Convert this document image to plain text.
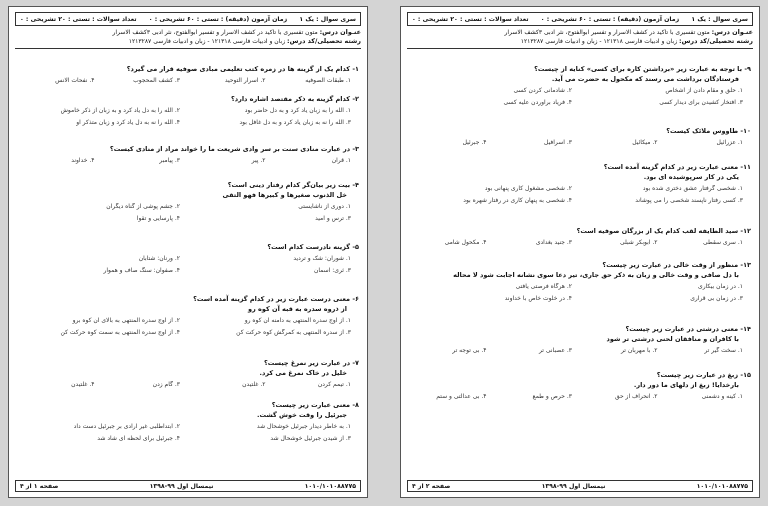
سری سوال : یک ۱
زمان آزمون (دقیقه) : تستی : ۶۰ تشریحی : ۰
تعداد سوالات : تستی : ۲۰ تشریحی : ۰
عنـوان درس: متون تفسیری با تاکید در کشف الاسرار و تفسیر ابوالفتوح، نثر ادبی ۳کشف الاسرار
رشته تحصیلی/کد درس: زبان و ادبیات فارسی ۱۲۱۳۱۸ - زبان و ادبیات فارسی ۱۲۱۳۲۸۷
۱- کدام یک از گزینه ها در زمره کتب تعلیمی مبادی صوفیه قرار می گیرد؟
۱. طبقات الصوفیه
۲. اسرار التوحید
۳. کشف المحجوب
۴. نفحات الانس
۲- کدام گزینه به ذکر مقتصد اشاره دارد؟
۱. الله را به زبان یاد کرد و به دل حاضر بود
۲. الله را به دل یاد کرد و به زبان از ذکر خاموش
۳. الله را نه به زبان یاد کرد و به دل غافل بود
۴. الله را نه به دل یاد کرد و زبان متذکر او
۳- در عبارت منادی سنت بر سر وادی شریعت ما را خواند مراد از منادی کیست؟
۱. قرآن
۲. پیر
۳. پیامبر
۴. خداوند
۴- بیت زیر بیان‌گر کدام رفتار دینی است؟
خل الذنوب صغیرها و کبیرها فهو التقی
۱. دوری از ناشایستی
۲. جشم پوشی از گناه دیگران
۳. ترس و امید
۴. پارسایی و تقوا
۵- گزینه نادرست کدام است؟
۱. شوران: شک و تردید
۲. ورنان: شتابان
۳. ثری: آسمان
۴. صفوان: سنگ صاف و هموار
۶- معنی درست عبارت زیر در کدام گزینه آمده است؟
از ذروه سدره به قبه آن کوه رو
۱. از اوج سدره المنتهی به دامنه آن کوه رو
۲. از اوج سدره المنتهی به بالای آن کوه برو
۳. از سدره المنتهی به کمرگش کوه حرکت کن
۴. از اوج سدره المنتهی به سمت کوه حرکت کن
۷- در عبارت زیر نمرغ چیست؟
خلیل در خاک نمرغ می کرد.
۱. تیمم کردن
۲. غلتیدن
۳. گام زدن
۴. غلتیدن
۸- معنی عبارت زیر چیست؟
جبرئیل را وقت خوش گشت.
۱. به خاطر دیدار جبرئیل خوشحال شد
۲. ابتداطلبی غیر ارادی بر جبرئیل دست داد
۳. از شیدن جبرئیل خوشحال شد
۴. جبرئیل برای لحظه ای شاد شد
۱۰۱۰/۱۰۱۰۸۸۷۷۵
نیمسال اول ۹۹-۱۳۹۸
صفحه ۱ از ۴
سری سوال : یک ۱
زمان آزمون (دقیقه) : تستی : ۶۰ تشریحی : ۰
تعداد سوالات : تستی : ۲۰ تشریحی : ۰
عنـوان درس: متون تفسیری با تاکید در کشف الاسرار و تفسیر ابوالفتوح، نثر ادبی ۳کشف الاسرار
رشته تحصیلی/کد درس: زبان و ادبیات فارسی ۱۲۱۳۱۸ - زبان و ادبیات فارسی ۱۲۱۳۲۸۷
۹- با توجه به عبارت زیر «برداشتن کاره برای کسی» کنایه از چیست؟
فرستادگان برداشت می رسند که مکحول به حضرت می آید.
۱. حلق و مقام دادن از اشخاص
۲. شادمانی کردن کسی
۳. افتخار کشیدن برای دیدار کسی
۴. فریاد برآوردن علیه کسی
۱۰- طاووس ملائک کیست؟
۱. عزرائیل
۲. میکائیل
۳. اسرافیل
۴. جبرئیل
۱۱- معنی عبارت زیر در کدام گزینه آمده است؟
یکی در کار سرپوشیده ای بود.
۱. شخصی گرفتار عشق دختری شده بود
۲. شخصی مشغول کاری پنهانی بود
۳. کسی رفتار ناپسند شخصی را می پوشاند
۴. شخصی به پنهان کاری در رفتار شهره بود
۱۲- سید الطایفه لقب کدام یک از بزرگان صوفیه است؟
۱. سری سقطی
۲. ابوبکر شبلی
۳. جنید بغدادی
۴. مکحول شامی
۱۳- منظور از وقت خالی در عبارت زیر چیست؟
با دل صافی و وقت خالی و زبان به ذکر حق جاری، تیر دعا سوی نشانه اجابت شود لا محاله
۱. در زمان بیکاری
۲. هرگاه فرصتی یافتی
۳. در زمان بی قراری
۴. در خلوت خاص با خداوند
۱۴- معنی درشتی در عبارت زیر چیست؟
با کافران و منافقان لحنی درشتی تر شود
۱. سخت گیر تر
۲. با مهربان تر
۳. عصبانی تر
۴. بی توجه تر
۱۵- زبغ در عبارت زیر چیست؟
بارخدایا! زبغ از دلهای ما دور دار.
۱. کینه و دشمنی
۲. انحراف از حق
۳. حرص و طمع
۴. بی عدالتی و ستم
۱۰۱۰/۱۰۱۰۸۸۷۷۵
نیمسال اول ۹۹-۱۳۹۸
صفحه ۲ از ۴
